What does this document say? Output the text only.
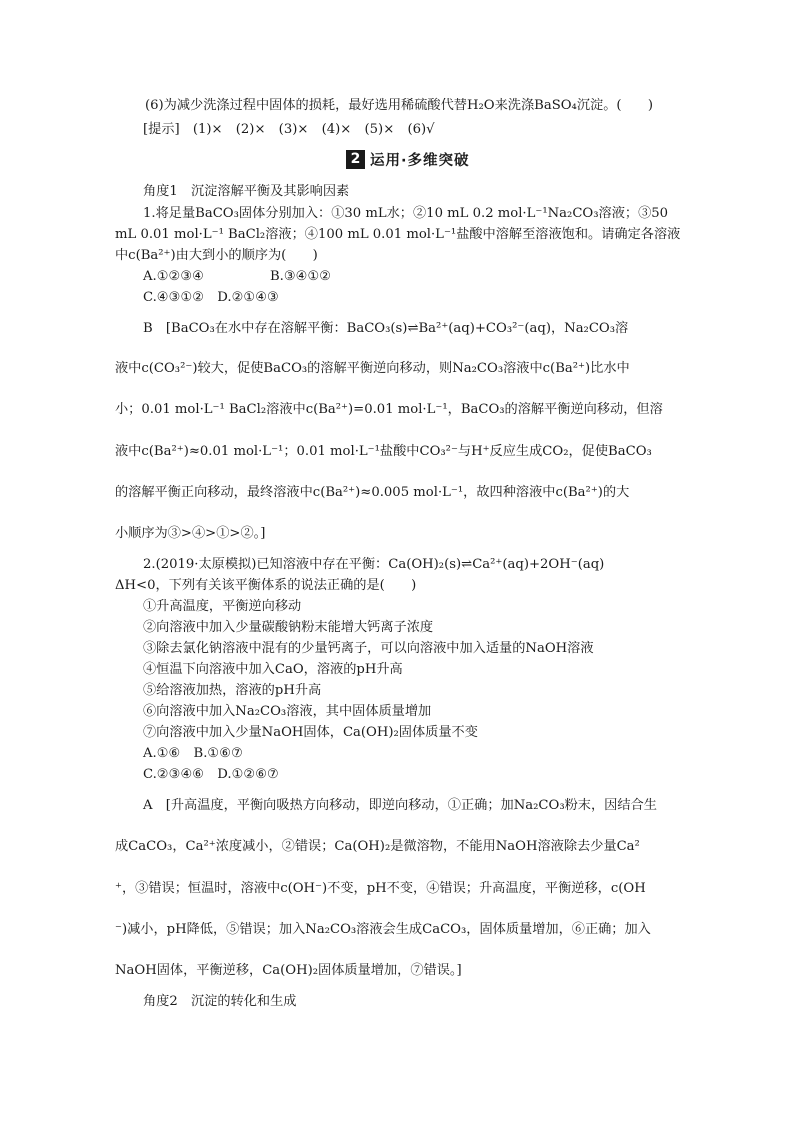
(6)为减少洗涤过程中固体的损耗，最好选用稀硫酸代替H₂O来洗涤BaSO₄沉淀。(　　)
[提示]　(1)×　(2)×　(3)×　(4)×　(5)×　(6)√
2 运用·多维突破
角度1　沉淀溶解平衡及其影响因素
1.将足量BaCO₃固体分别加入：①30 mL水；②10 mL 0.2 mol·L⁻¹Na₂CO₃溶液；③50
mL 0.01 mol·L⁻¹ BaCl₂溶液；④100 mL 0.01 mol·L⁻¹盐酸中溶解至溶液饱和。请确定各溶液
中c(Ba²⁺)由大到小的顺序为(　　)
A.①②③④　　　　　B.③④①②
C.④③①②　D.②①④③
B　[BaCO₃在水中存在溶解平衡：BaCO₃(s)⇌Ba²⁺(aq)+CO₃²⁻(aq)，Na₂CO₃溶
液中c(CO₃²⁻)较大，促使BaCO₃的溶解平衡逆向移动，则Na₂CO₃溶液中c(Ba²⁺)比水中
小；0.01 mol·L⁻¹ BaCl₂溶液中c(Ba²⁺)=0.01 mol·L⁻¹，BaCO₃的溶解平衡逆向移动，但溶
液中c(Ba²⁺)≈0.01 mol·L⁻¹；0.01 mol·L⁻¹盐酸中CO₃²⁻与H⁺反应生成CO₂，促使BaCO₃
的溶解平衡正向移动，最终溶液中c(Ba²⁺)≈0.005 mol·L⁻¹，故四种溶液中c(Ba²⁺)的大
小顺序为③>④>①>②。]
2.(2019·太原模拟)已知溶液中存在平衡：Ca(OH)₂(s)⇌Ca²⁺(aq)+2OH⁻(aq)
ΔH<0，下列有关该平衡体系的说法正确的是(　　)
①升高温度，平衡逆向移动
②向溶液中加入少量碳酸钠粉末能增大钙离子浓度
③除去氯化钠溶液中混有的少量钙离子，可以向溶液中加入适量的NaOH溶液
④恒温下向溶液中加入CaO，溶液的pH升高
⑤给溶液加热，溶液的pH升高
⑥向溶液中加入Na₂CO₃溶液，其中固体质量增加
⑦向溶液中加入少量NaOH固体，Ca(OH)₂固体质量不变
A.①⑥　B.①⑥⑦
C.②③④⑥　D.①②⑥⑦
A　[升高温度，平衡向吸热方向移动，即逆向移动，①正确；加Na₂CO₃粉末，因结合生
成CaCO₃，Ca²⁺浓度减小，②错误；Ca(OH)₂是微溶物，不能用NaOH溶液除去少量Ca²
⁺，③错误；恒温时，溶液中c(OH⁻)不变，pH不变，④错误；升高温度，平衡逆移，c(OH
⁻)减小，pH降低，⑤错误；加入Na₂CO₃溶液会生成CaCO₃，固体质量增加，⑥正确；加入
NaOH固体，平衡逆移，Ca(OH)₂固体质量增加，⑦错误。]
角度2　沉淀的转化和生成
